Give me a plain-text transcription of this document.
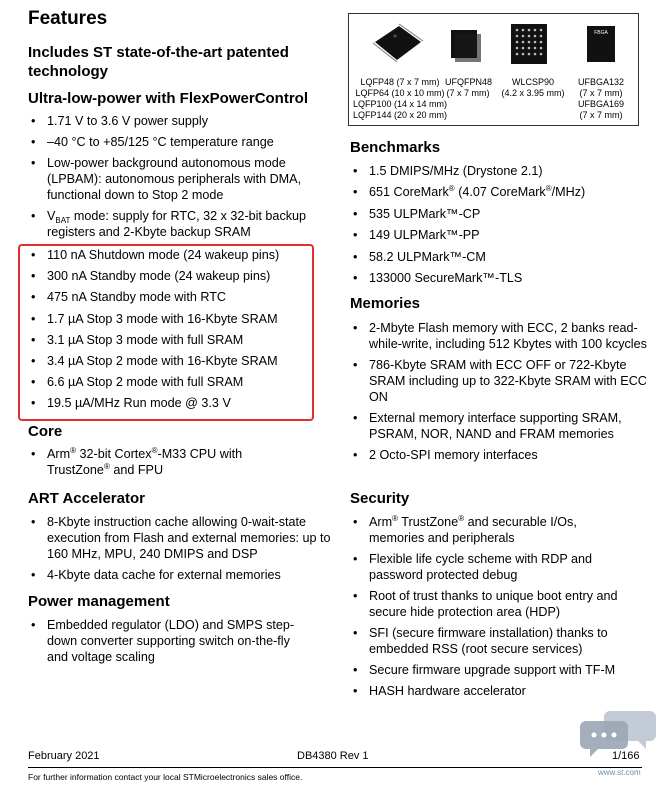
Features
Includes ST state-of-the-art patented technology
LQFP48 (7 x 7 mm)
LQFP64 (10 x 10 mm)
LQFP100 (14 x 14 mm)
LQFP144 (20 x 20 mm)
UFQFPN48
(7 x 7 mm)
WLCSP90
(4.2 x 3.95 mm)
FBGA
UFBGA132
(7 x 7 mm)
UFBGA169
(7 x 7 mm)
Ultra-low-power with FlexPowerControl
• 1.71 V to 3.6 V power supply
• –40 °C to +85/125 °C temperature range
• Low-power background autonomous mode (LPBAM): autonomous peripherals with DMA, functional down to Stop 2 mode
• $V_{BAT}$ mode: supply for RTC, 32 x 32-bit backup registers and 2-Kbyte backup SRAM
• 110 nA Shutdown mode (24 wakeup pins)
• 300 nA Standby mode (24 wakeup pins)
• 475 nA Standby mode with RTC
• 1.7 µA Stop 3 mode with 16-Kbyte SRAM
• 3.1 µA Stop 3 mode with full SRAM
• 3.4 µA Stop 2 mode with 16-Kbyte SRAM
• 6.6 µA Stop 2 mode with full SRAM
• 19.5 µA/MHz Run mode @ 3.3 V
Core
• Arm® 32-bit Cortex®-M33 CPU with TrustZone® and FPU
ART Accelerator
• 8-Kbyte instruction cache allowing 0-wait-state execution from Flash and external memories: up to 160 MHz, MPU, 240 DMIPS and DSP
• 4-Kbyte data cache for external memories
Power management
• Embedded regulator (LDO) and SMPS step-down converter supporting switch on-the-fly and voltage scaling
Benchmarks
• 1.5 DMIPS/MHz (Drystone 2.1)
• 651 CoreMark® (4.07 CoreMark®/MHz)
• 535 ULPMark™-CP
• 149 ULPMark™-PP
• 58.2 ULPMark™-CM
• 133000 SecureMark™-TLS
Memories
• 2-Mbyte Flash memory with ECC, 2 banks read-while-write, including 512 Kbytes with 100 kcycles
• 786-Kbyte SRAM with ECC OFF or 722-Kbyte SRAM including up to 322-Kbyte SRAM with ECC ON
• External memory interface supporting SRAM, PSRAM, NOR, NAND and FRAM memories
• 2 Octo-SPI memory interfaces
Security
• Arm® TrustZone® and securable I/Os, memories and peripherals
• Flexible life cycle scheme with RDP and password protected debug
• Root of trust thanks to unique boot entry and secure hide protection area (HDP)
• SFI (secure firmware installation) thanks to embedded RSS (root secure services)
• Secure firmware upgrade support with TF-M
• HASH hardware accelerator
February 2021	DB4380 Rev 1	1/166
For further information contact your local STMicroelectronics sales office.	www.st.com
